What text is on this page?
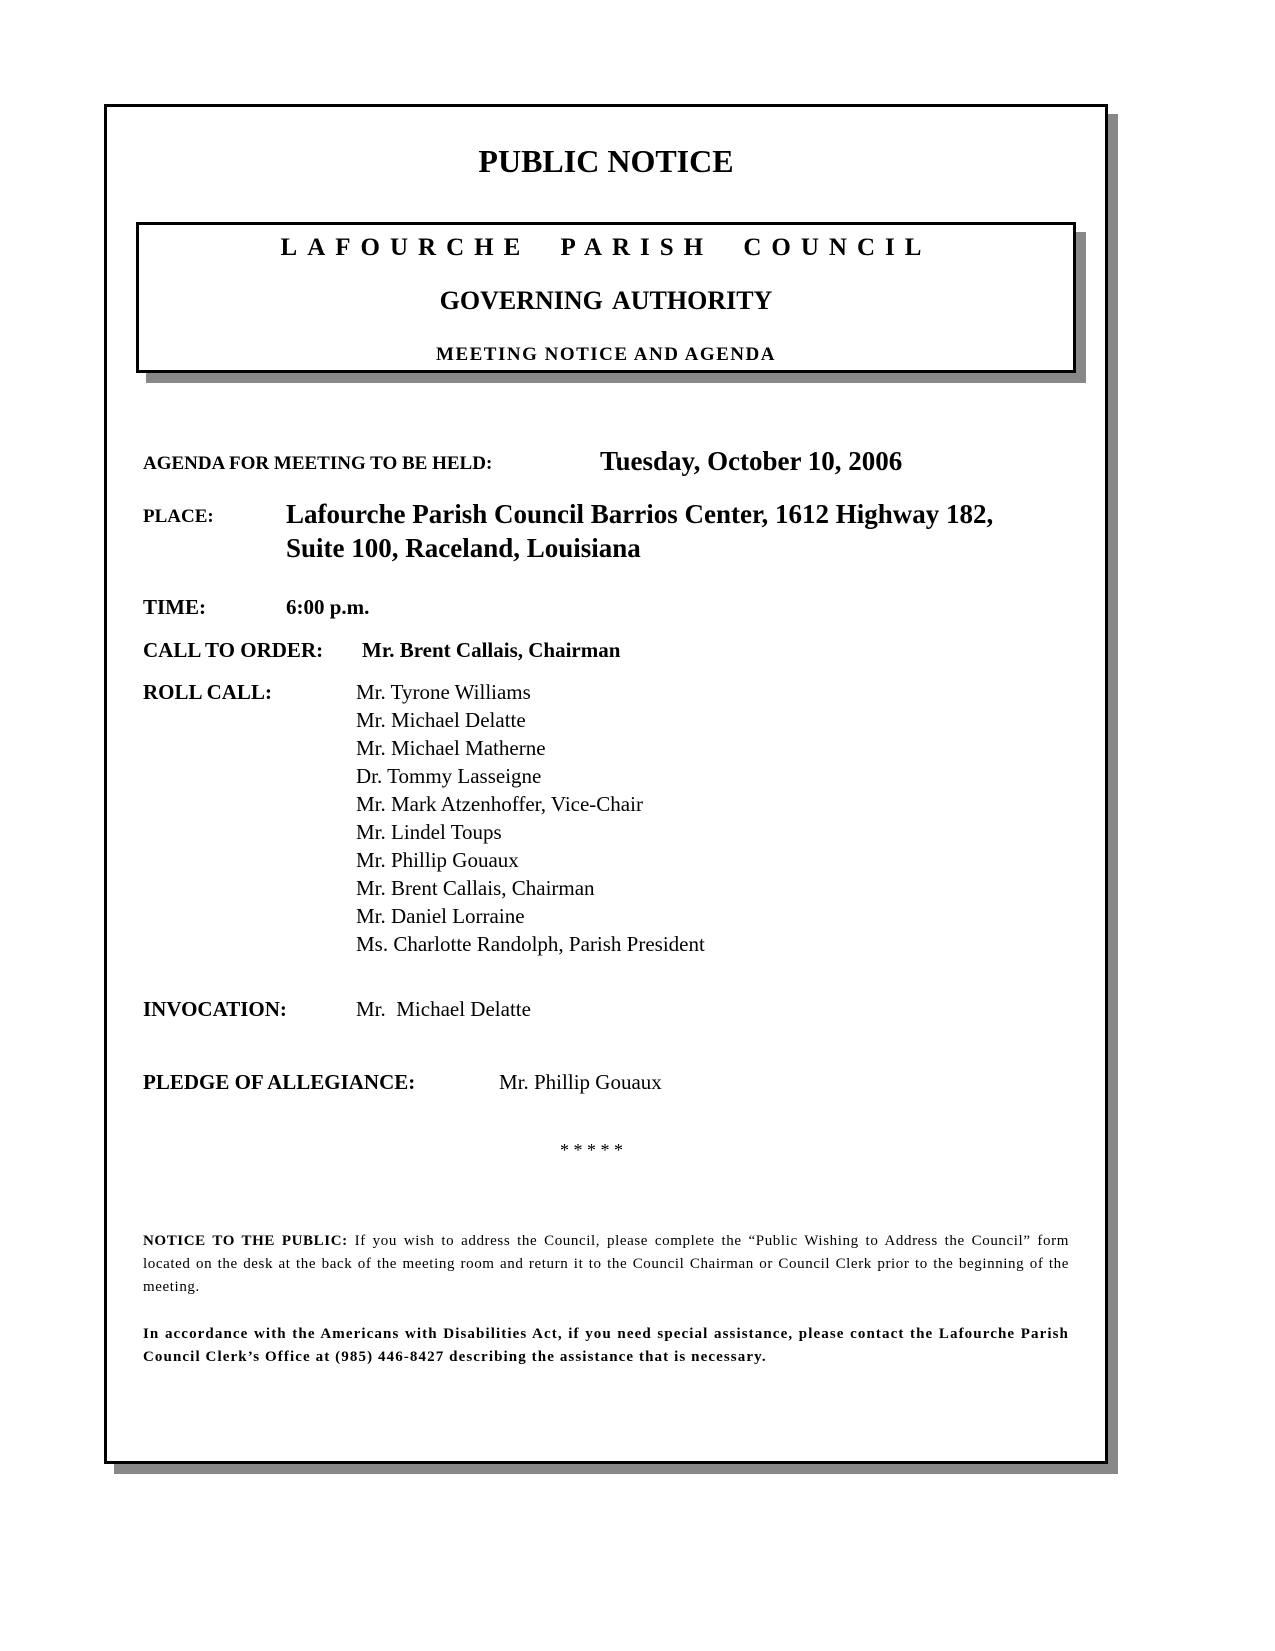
PUBLIC NOTICE
LAFOURCHE PARISH COUNCIL
GOVERNING AUTHORITY
MEETING NOTICE AND AGENDA
AGENDA FOR MEETING TO BE HELD:	Tuesday, October 10, 2006
PLACE:	Lafourche Parish Council Barrios Center, 1612 Highway 182,
Suite 100, Raceland, Louisiana
TIME:	6:00 p.m.
CALL TO ORDER: Mr. Brent Callais, Chairman
ROLL CALL:	Mr. Tyrone Williams
Mr. Michael Delatte
Mr. Michael Matherne
Dr. Tommy Lasseigne
Mr. Mark Atzenhoffer, Vice-Chair
Mr. Lindel Toups
Mr. Phillip Gouaux
Mr. Brent Callais, Chairman
Mr. Daniel Lorraine
Ms. Charlotte Randolph, Parish President
INVOCATION:	Mr.  Michael Delatte
PLEDGE OF ALLEGIANCE:	Mr. Phillip Gouaux
* * * * *
NOTICE TO THE PUBLIC: If you wish to address the Council, please complete the “Public Wishing to Address the Council” form located on the desk at the back of the meeting room and return it to the Council Chairman or Council Clerk prior to the beginning of the meeting.
In accordance with the Americans with Disabilities Act, if you need special assistance, please contact the Lafourche Parish Council Clerk’s Office at (985) 446-8427 describing the assistance that is necessary.
